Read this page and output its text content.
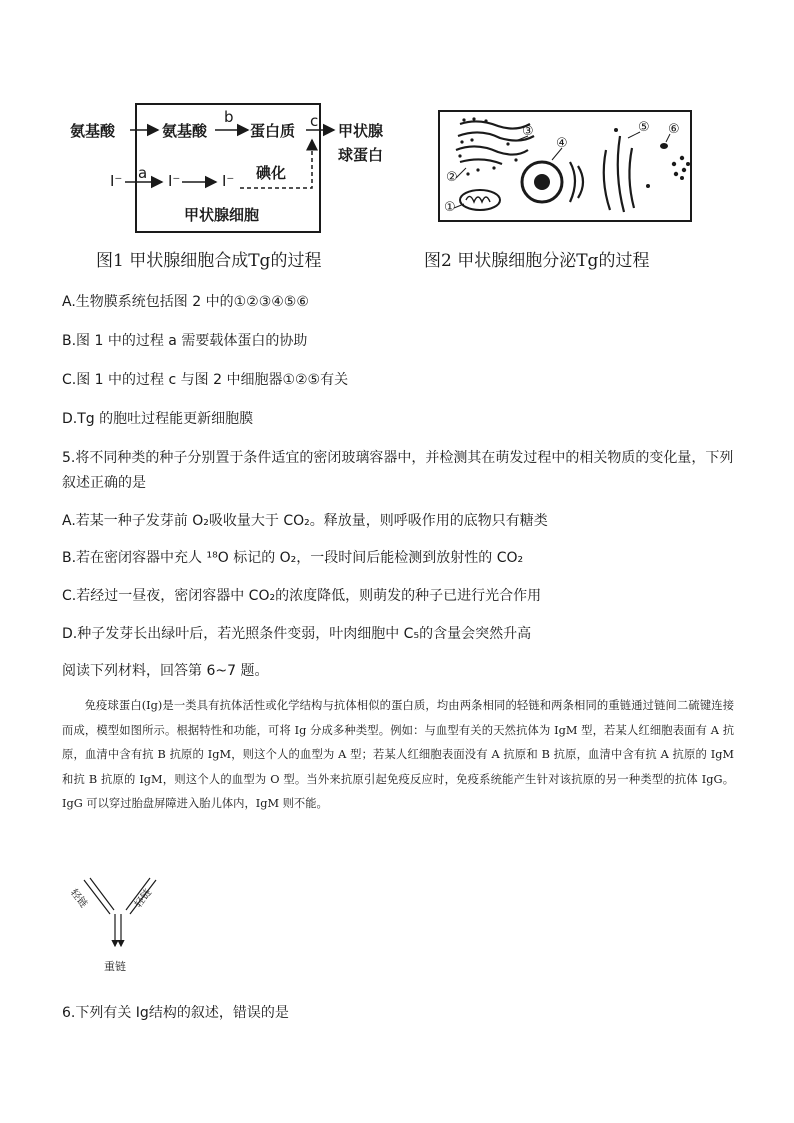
氨基酸	氨基酸	蛋白质	甲状腺
球蛋白
b	c
a
I⁻	I⁻	I⁻ 碘化
甲状腺细胞
图1 甲状腺细胞合成Tg的过程
①
②
③
④
⑤ ⑥
图2 甲状腺细胞分泌Tg的过程
A.生物膜系统包括图 2 中的①②③④⑤⑥
B.图 1 中的过程 a 需要载体蛋白的协助
C.图 1 中的过程 c 与图 2 中细胞器①②⑤有关
D.Tg 的胞吐过程能更新细胞膜
5.将不同种类的种子分别置于条件适宜的密闭玻璃容器中，并检测其在萌发过程中的相关物质的变化量，下列
叙述正确的是
A.若某一种子发芽前 O₂吸收量大于 CO₂。释放量，则呼吸作用的底物只有糖类
B.若在密闭容器中充人 ¹⁸O 标记的 O₂，一段时间后能检测到放射性的 CO₂
C.若经过一昼夜，密闭容器中 CO₂的浓度降低，则萌发的种子已进行光合作用
D.种子发芽长出绿叶后，若光照条件变弱，叶肉细胞中 C₅的含量会突然升高
阅读下列材料，回答第 6~7 题。
免疫球蛋白(Ig)是一类具有抗体活性或化学结构与抗体相似的蛋白质，均由两条相同的轻链和两条相同的重链通过链间二硫键连接而成，模型如图所示。根据特性和功能，可将 Ig 分成多种类型。例如：与血型有关的天然抗体为 IgM 型，若某人红细胞表面有 A 抗原，血清中含有抗 B 抗原的 IgM，则这个人的血型为 A 型；若某人红细胞表面没有 A 抗原和 B 抗原，血清中含有抗 A 抗原的 IgM 和抗 B 抗原的 IgM，则这个人的血型为 O 型。当外来抗原引起免疫反应时，免疫系统能产生针对该抗原的另一种类型的抗体 IgG。IgG 可以穿过胎盘屏障进入胎儿体内，IgM 则不能。
轻链	轻链
重链
6.下列有关 Ig结构的叙述，错误的是
